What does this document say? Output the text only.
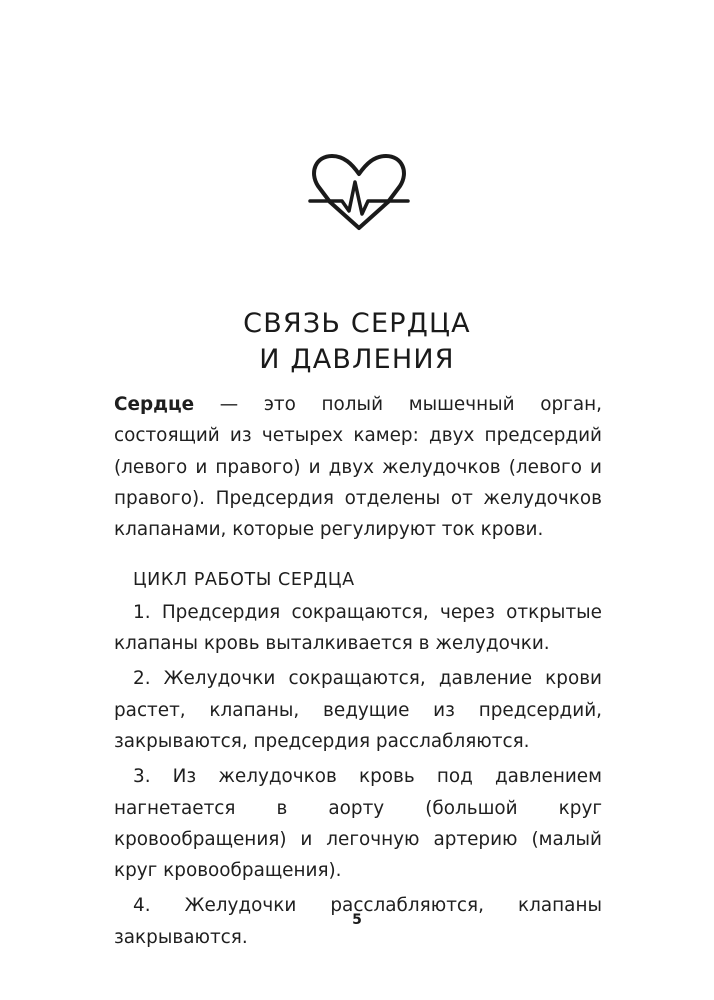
СВЯЗЬ СЕРДЦА
И ДАВЛЕНИЯ

Сердце — это полый мышечный орган, состоящий из четырех камер: двух предсердий (левого и правого) и двух желудочков (левого и правого). Предсердия отделены от желудочков клапанами, которые регулируют ток крови.

ЦИКЛ РАБОТЫ СЕРДЦА
1. Предсердия сокращаются, через открытые клапаны кровь выталкивается в желудочки.
2. Желудочки сокращаются, давление крови растет, клапаны, ведущие из предсердий, закрываются, предсердия расслабляются.
3. Из желудочков кровь под давлением нагнетается в аорту (большой круг кровообращения) и легочную артерию (малый круг кровообращения).
4. Желудочки расслабляются, клапаны закрываются.
5
